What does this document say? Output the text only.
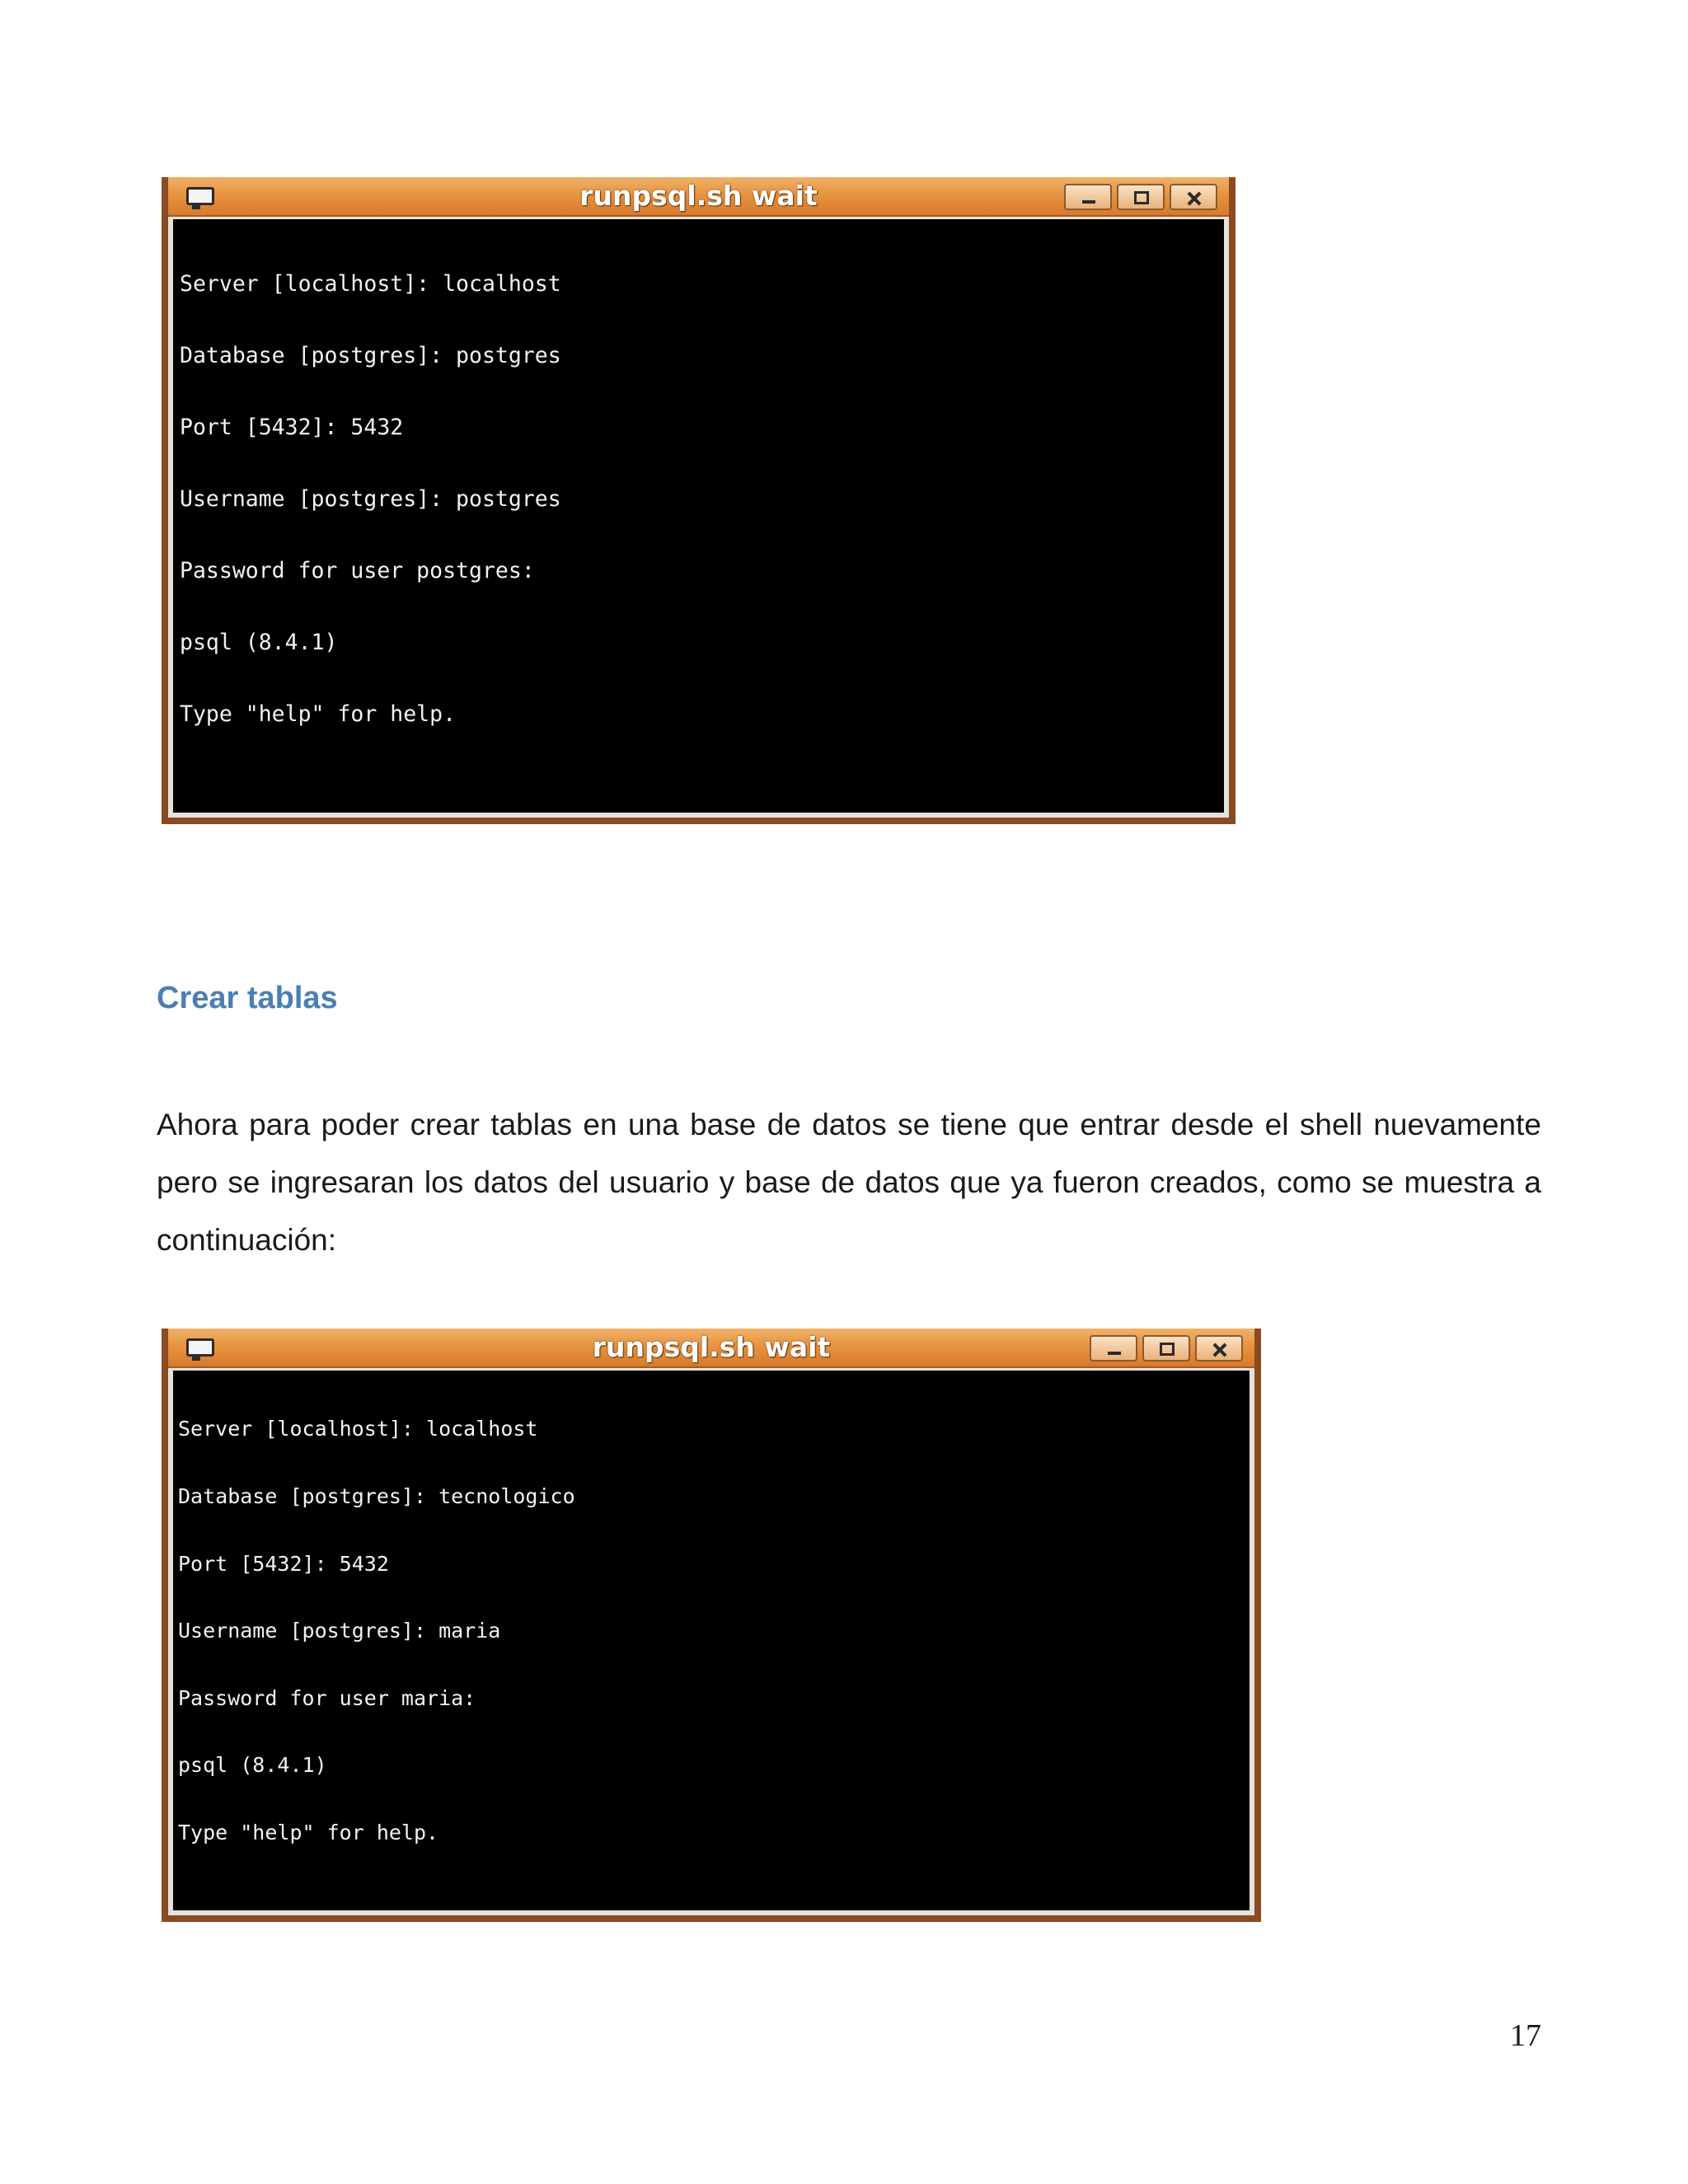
runpsql.sh wait

Server [localhost]: localhost

Database [postgres]: postgres

Port [5432]: 5432

Username [postgres]: postgres

Password for user postgres:

psql (8.4.1)

Type "help" for help.

Crear tablas

Ahora para poder crear tablas en una base de datos se tiene que entrar desde el shell nuevamente pero se ingresaran los datos del usuario y base de datos que ya fueron creados, como se muestra a continuación:

runpsql.sh wait

Server [localhost]: localhost

Database [postgres]: tecnologico

Port [5432]: 5432

Username [postgres]: maria

Password for user maria:

psql (8.4.1)

Type "help" for help.

17
